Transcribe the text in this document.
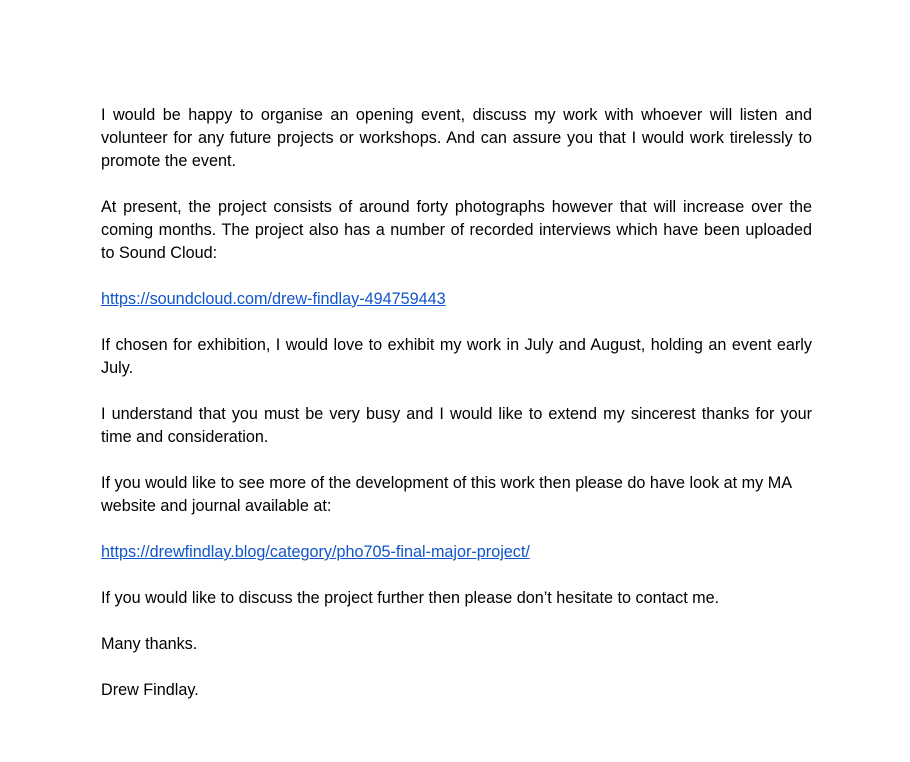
I would be happy to organise an opening event, discuss my work with whoever will listen and volunteer for any future projects or workshops. And can assure you that I would work tirelessly to promote the event.

At present, the project consists of around forty photographs however that will increase over the coming months. The project also has a number of recorded interviews which have been uploaded to Sound Cloud:

https://soundcloud.com/drew-findlay-494759443

If chosen for exhibition, I would love to exhibit my work in July and August, holding an event early July.

I understand that you must be very busy and I would like to extend my sincerest thanks for your time and consideration.

If you would like to see more of the development of this work then please do have look at my MA website and journal available at:

https://drewfindlay.blog/category/pho705-final-major-project/

If you would like to discuss the project further then please don’t hesitate to contact me.

Many thanks.

Drew Findlay.
